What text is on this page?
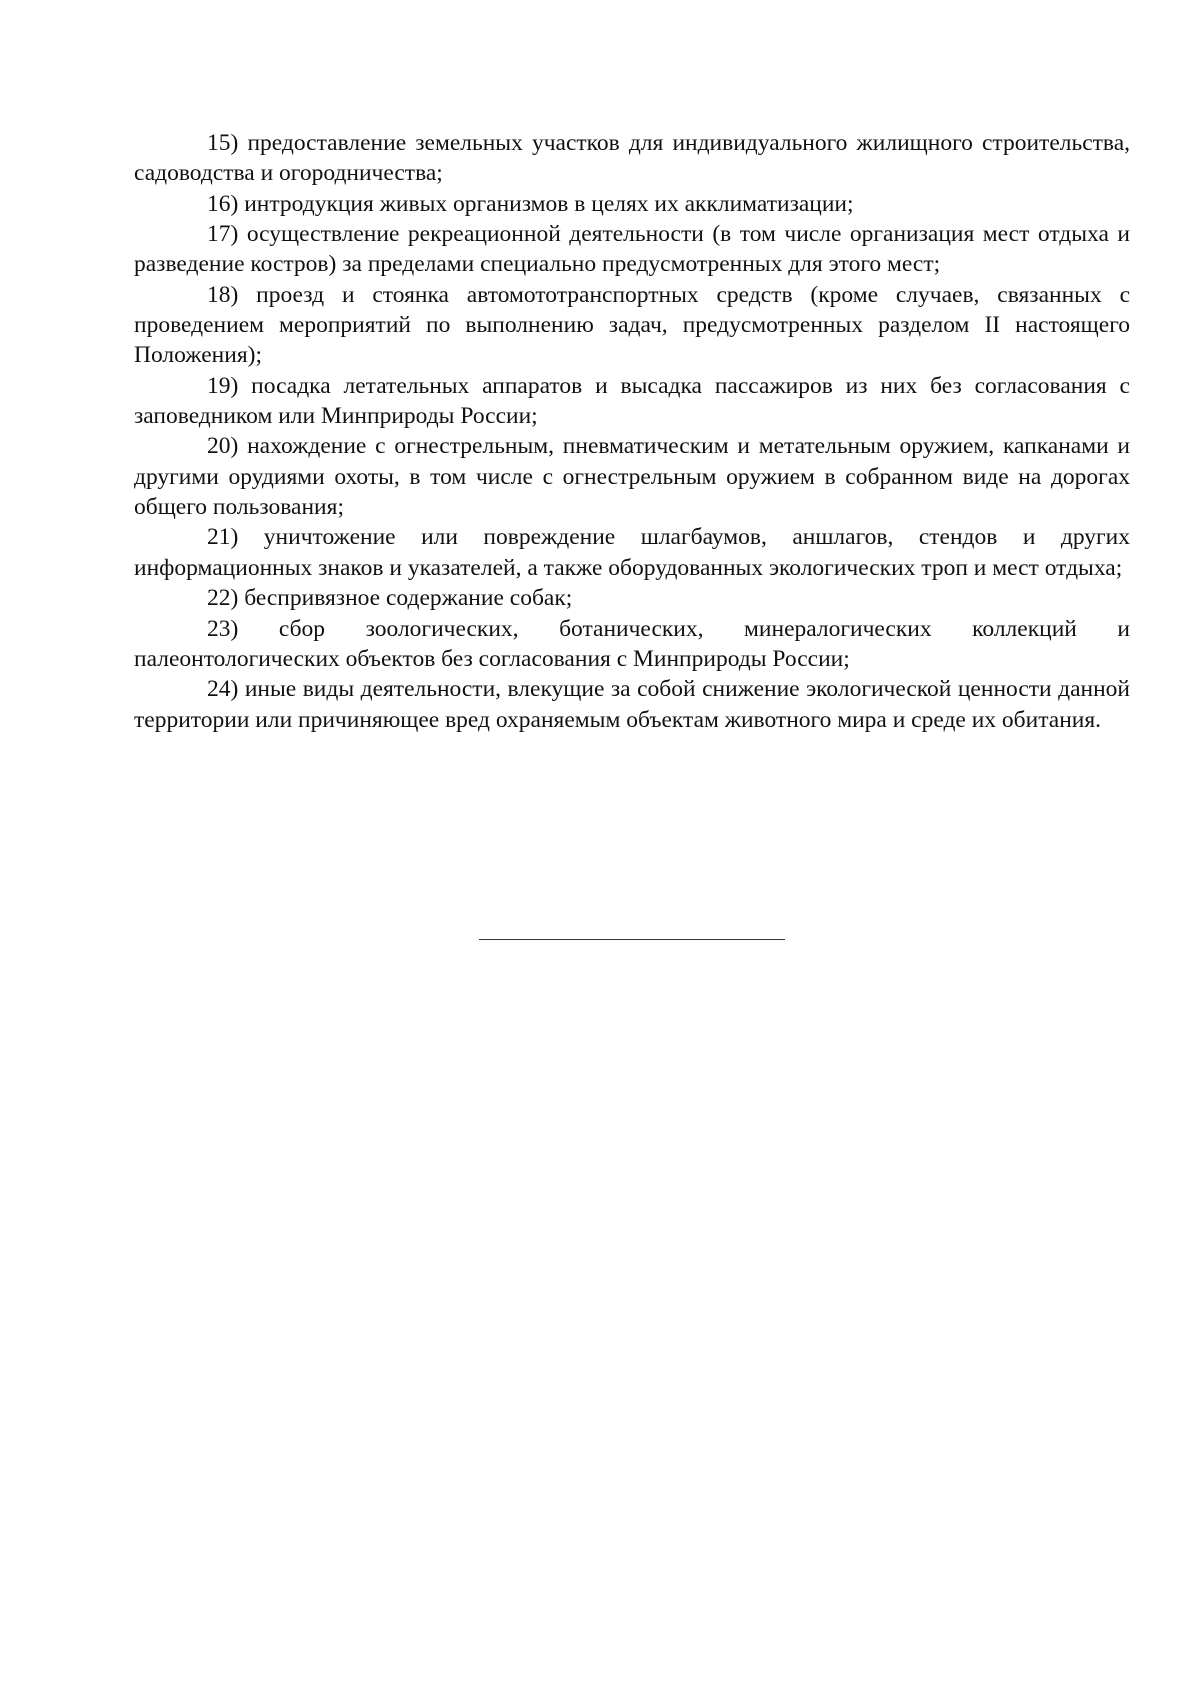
15) предоставление земельных участков для индивидуального жилищного строительства, садоводства и огородничества;

16) интродукция живых организмов в целях их акклиматизации;

17) осуществление рекреационной деятельности (в том числе организация мест отдыха и разведение костров) за пределами специально предусмотренных для этого мест;

18) проезд и стоянка автомототранспортных средств (кроме случаев, связанных с проведением мероприятий по выполнению задач, предусмотренных разделом II настоящего Положения);

19) посадка летательных аппаратов и высадка пассажиров из них без согласования с заповедником или Минприроды России;

20) нахождение с огнестрельным, пневматическим и метательным оружием, капканами и другими орудиями охоты, в том числе с огнестрельным оружием в собранном виде на дорогах общего пользования;

21) уничтожение или повреждение шлагбаумов, аншлагов, стендов и других информационных знаков и указателей, а также оборудованных экологических троп и мест отдыха;

22) беспривязное содержание собак;

23) сбор зоологических, ботанических, минералогических коллекций и палеонтологических объектов без согласования с Минприроды России;

24) иные виды деятельности, влекущие за собой снижение экологической ценности данной территории или причиняющее вред охраняемым объектам животного мира и среде их обитания.
